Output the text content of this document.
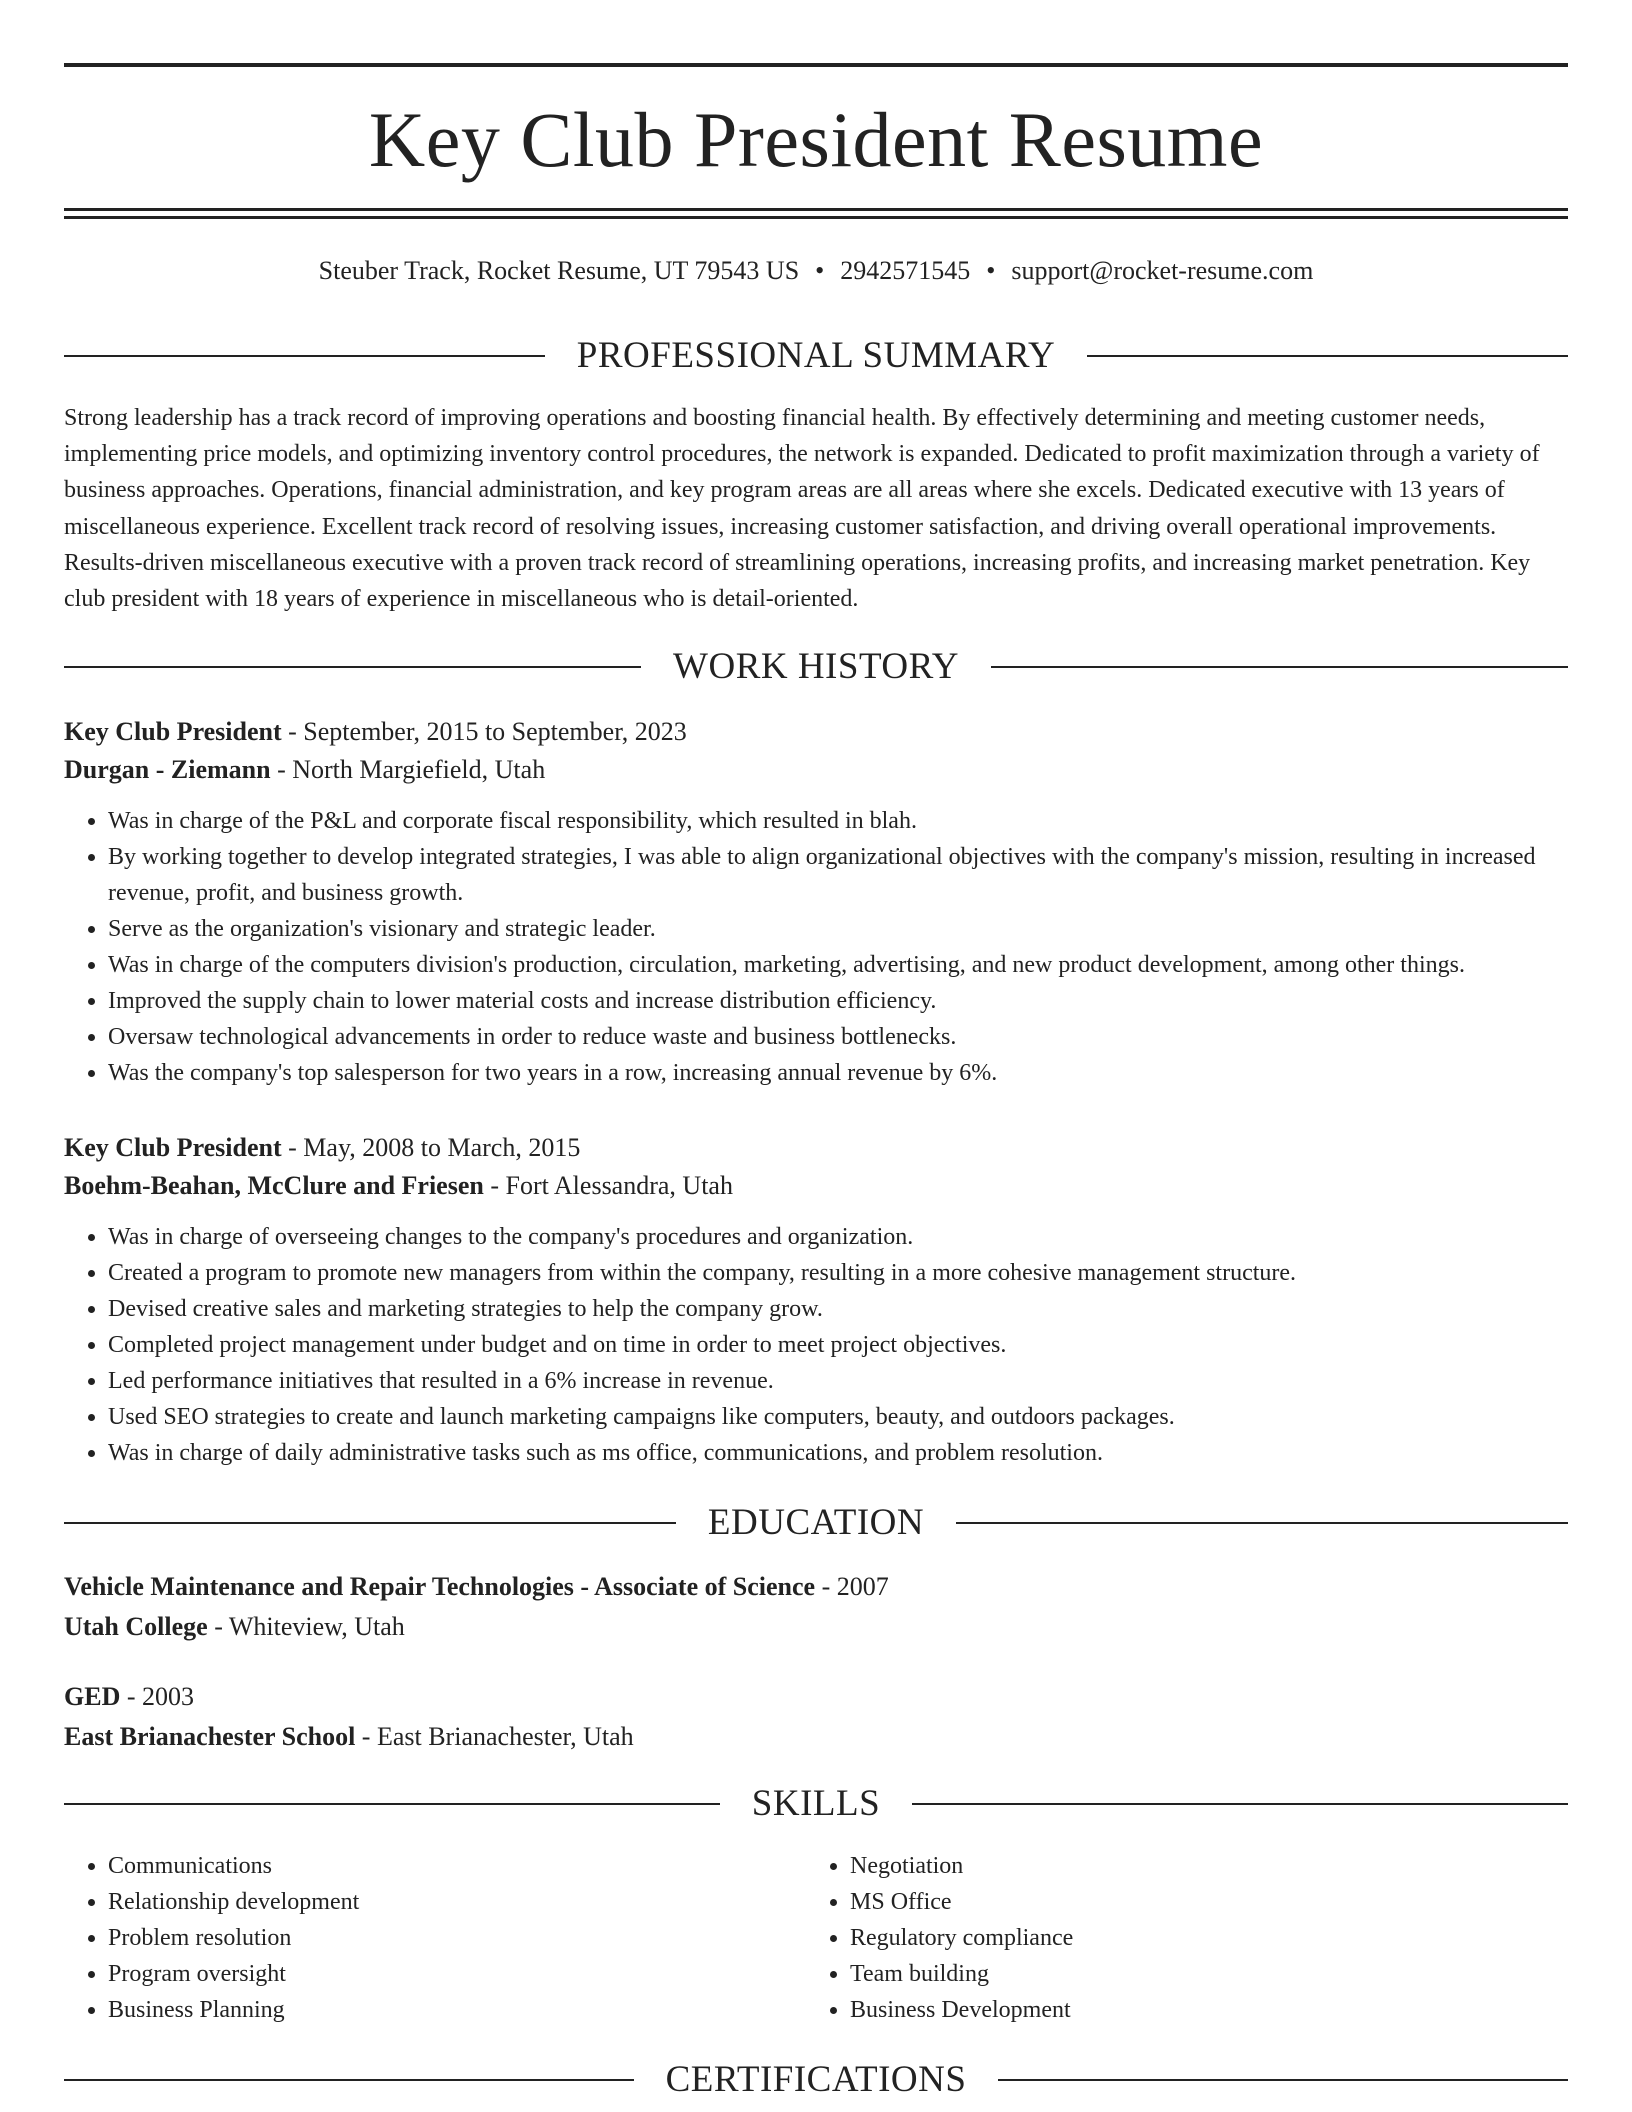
Key Club President Resume
Steuber Track, Rocket Resume, UT 79543 US • 2942571545 • support@rocket-resume.com
PROFESSIONAL SUMMARY

Strong leadership has a track record of improving operations and boosting financial health. By effectively determining and meeting customer needs, implementing price models, and optimizing inventory control procedures, the network is expanded. Dedicated to profit maximization through a variety of business approaches. Operations, financial administration, and key program areas are all areas where she excels. Dedicated executive with 13 years of miscellaneous experience. Excellent track record of resolving issues, increasing customer satisfaction, and driving overall operational improvements. Results-driven miscellaneous executive with a proven track record of streamlining operations, increasing profits, and increasing market penetration. Key club president with 18 years of experience in miscellaneous who is detail-oriented.

WORK HISTORY
Key Club President - September, 2015 to September, 2023
Durgan - Ziemann - North Margiefield, Utah
• Was in charge of the P&L and corporate fiscal responsibility, which resulted in blah.
• By working together to develop integrated strategies, I was able to align organizational objectives with the company's mission, resulting in increased revenue, profit, and business growth.
• Serve as the organization's visionary and strategic leader.
• Was in charge of the computers division's production, circulation, marketing, advertising, and new product development, among other things.
• Improved the supply chain to lower material costs and increase distribution efficiency.
• Oversaw technological advancements in order to reduce waste and business bottlenecks.
• Was the company's top salesperson for two years in a row, increasing annual revenue by 6%.
Key Club President - May, 2008 to March, 2015
Boehm-Beahan, McClure and Friesen - Fort Alessandra, Utah
• Was in charge of overseeing changes to the company's procedures and organization.
• Created a program to promote new managers from within the company, resulting in a more cohesive management structure.
• Devised creative sales and marketing strategies to help the company grow.
• Completed project management under budget and on time in order to meet project objectives.
• Led performance initiatives that resulted in a 6% increase in revenue.
• Used SEO strategies to create and launch marketing campaigns like computers, beauty, and outdoors packages.
• Was in charge of daily administrative tasks such as ms office, communications, and problem resolution.
EDUCATION
Vehicle Maintenance and Repair Technologies - Associate of Science - 2007
Utah College - Whiteview, Utah
GED - 2003
East Brianachester School - East Brianachester, Utah
SKILLS
• Communications
• Relationship development
• Problem resolution
• Program oversight
• Business Planning
• Negotiation
• MS Office
• Regulatory compliance
• Team building
• Business Development
CERTIFICATIONS
